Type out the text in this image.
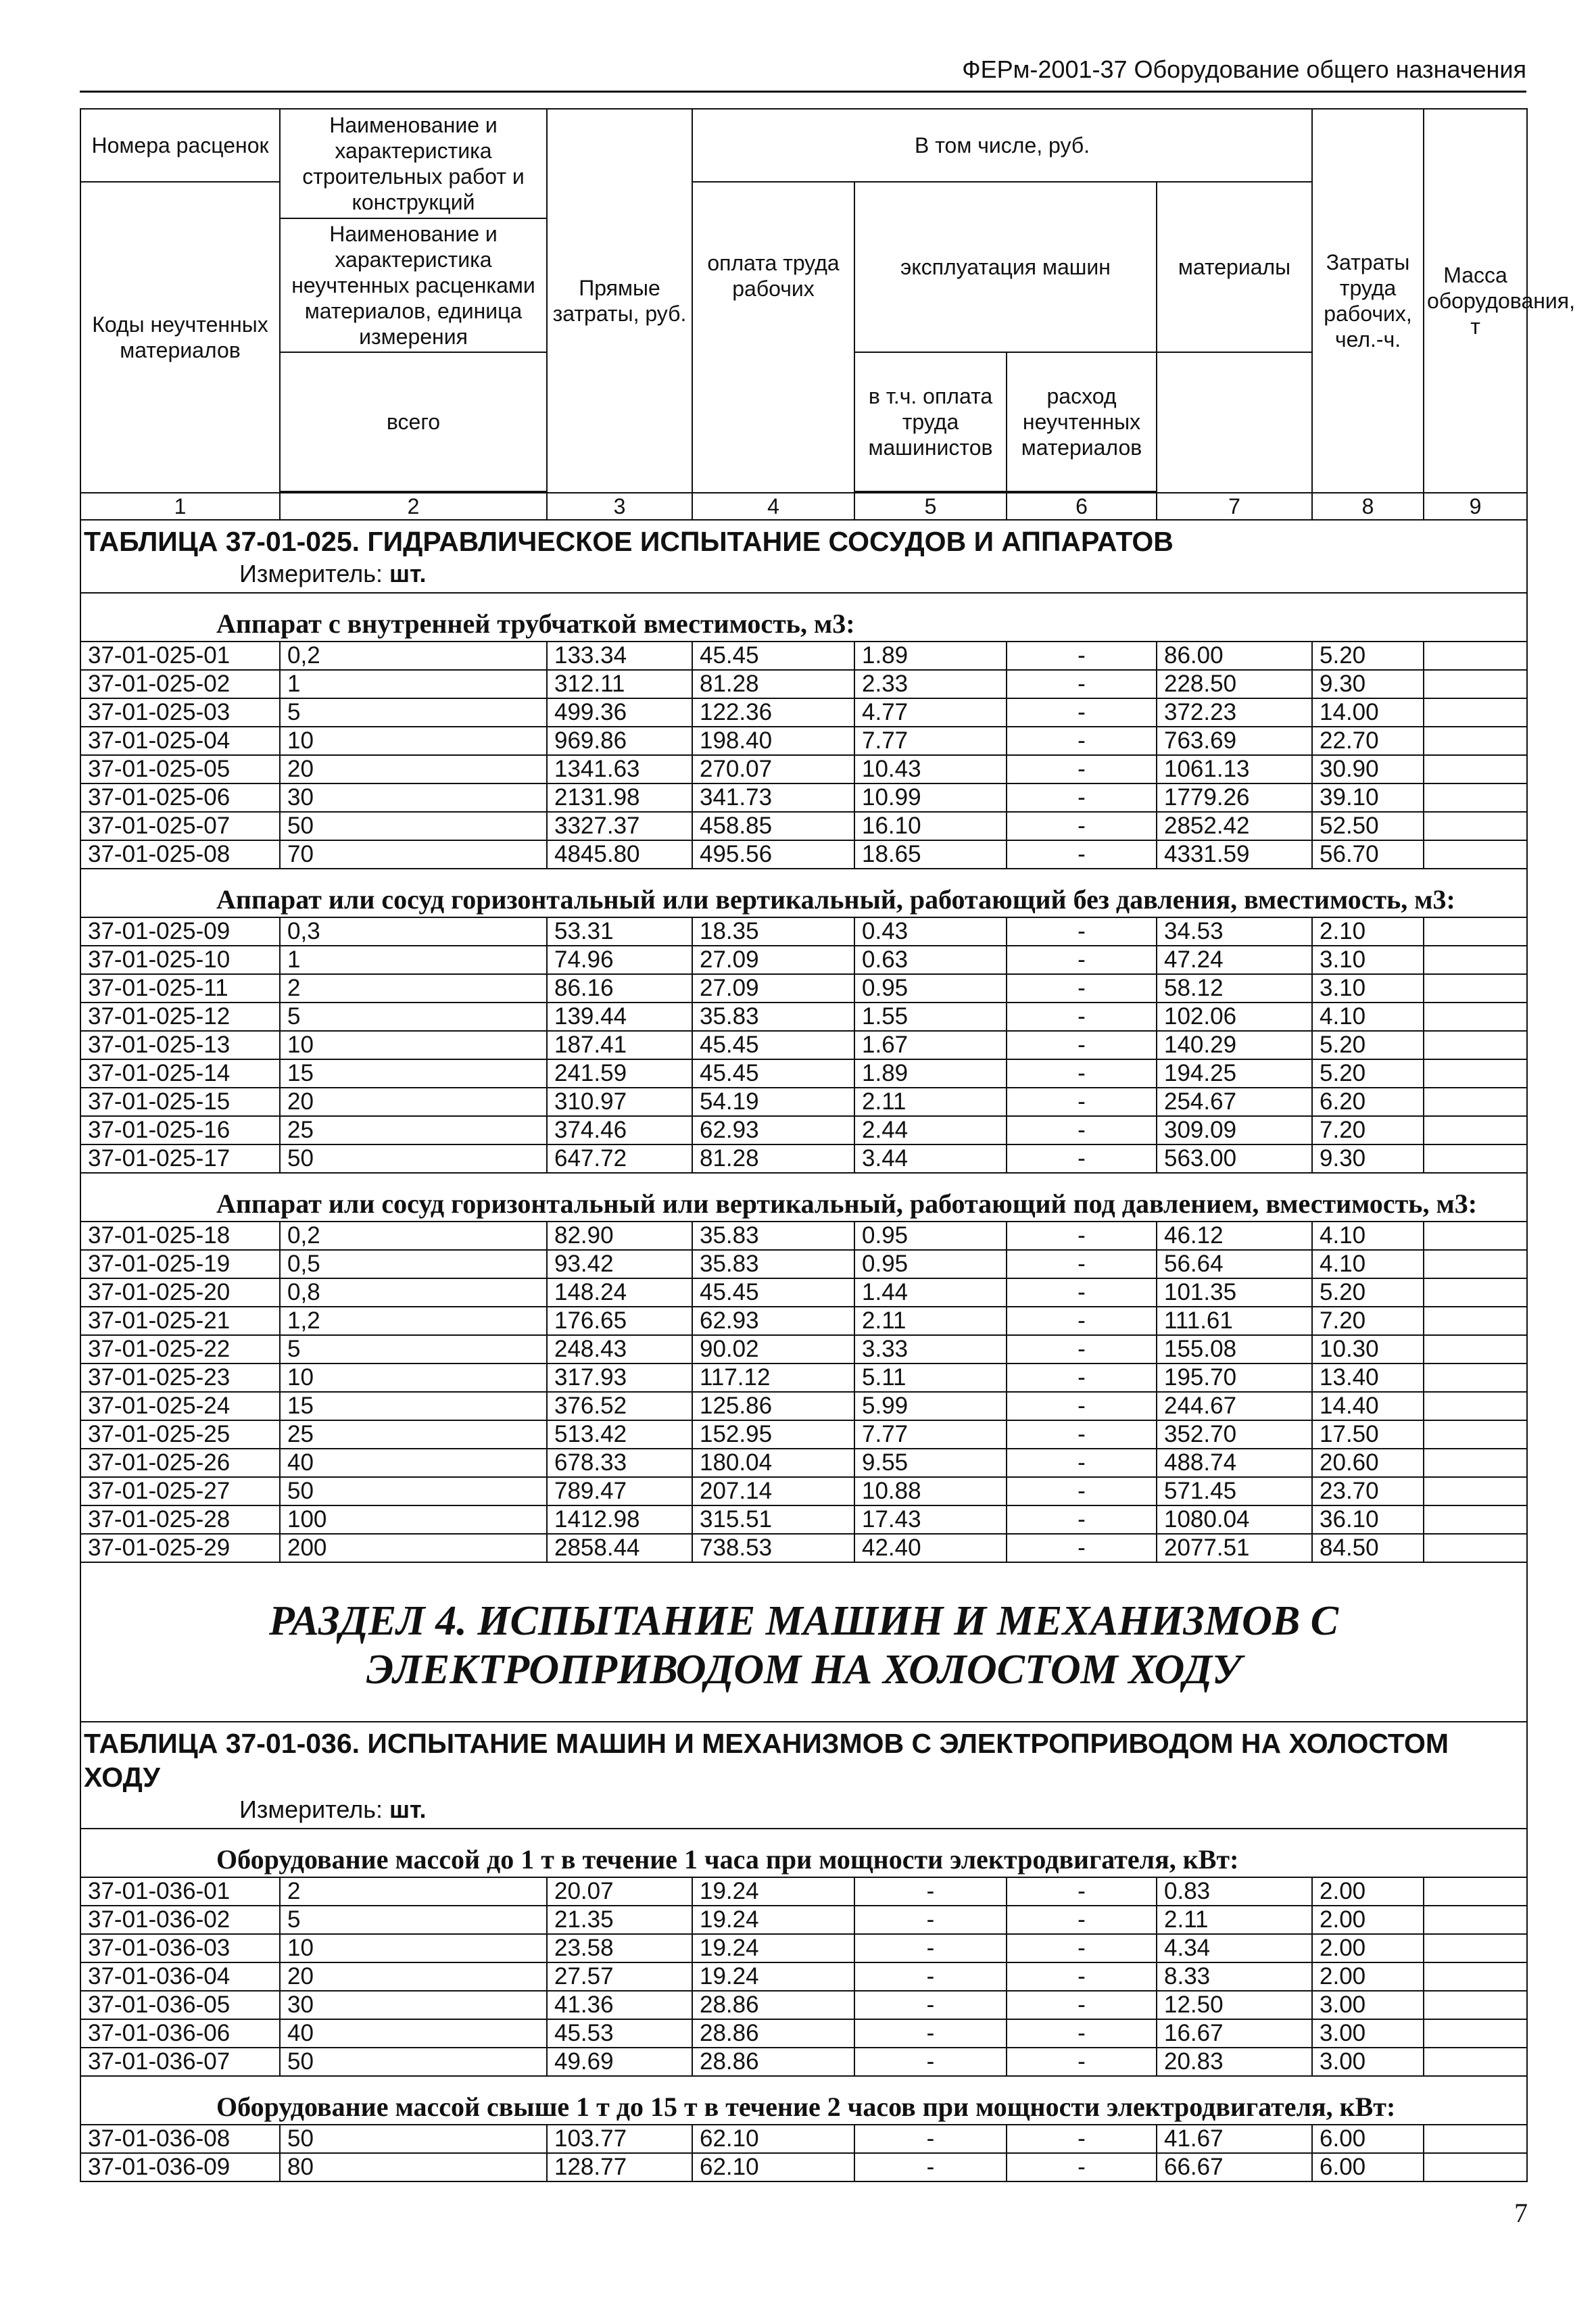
ФЕРм-2001-37 Оборудование общего назначения
Номера расценок	Наименование и характеристика строительных работ и конструкций
Наименование и характеристика неучтенных расценками материалов, единица измерения	Прямые затраты, руб.	В том числе, руб.				Затраты труда рабочих, чел.-ч.	Масса оборудования, т
Коды неучтенных материалов			оплата труда рабочих	эксплуатация машин		материалы		
	всего			в т.ч. оплата труда машинистов	расход неучтенных материалов			

1	2	3	4	5	6	7	8	9
ТАБЛИЦА 37-01-025. ГИДРАВЛИЧЕСКОЕ ИСПЫТАНИЕ СОСУДОВ И АППАРАТОВ
Измеритель: шт.								

Аппарат с внутренней трубчаткой вместимость, м3:								
37-01-025-01	0,2	133.34	45.45	1.89	-	86.00	5.20	
37-01-025-02	1	312.11	81.28	2.33	-	228.50	9.30	
37-01-025-03	5	499.36	122.36	4.77	-	372.23	14.00	
37-01-025-04	10	969.86	198.40	7.77	-	763.69	22.70	
37-01-025-05	20	1341.63	270.07	10.43	-	1061.13	30.90	
37-01-025-06	30	2131.98	341.73	10.99	-	1779.26	39.10	
37-01-025-07	50	3327.37	458.85	16.10	-	2852.42	52.50	
37-01-025-08	70	4845.80	495.56	18.65	-	4331.59	56.70	
Аппарат или сосуд горизонтальный или вертикальный, работающий без давления, вместимость, м3:								
37-01-025-09	0,3	53.31	18.35	0.43	-	34.53	2.10	
37-01-025-10	1	74.96	27.09	0.63	-	47.24	3.10	
37-01-025-11	2	86.16	27.09	0.95	-	58.12	3.10	
37-01-025-12	5	139.44	35.83	1.55	-	102.06	4.10	
37-01-025-13	10	187.41	45.45	1.67	-	140.29	5.20	
37-01-025-14	15	241.59	45.45	1.89	-	194.25	5.20	
37-01-025-15	20	310.97	54.19	2.11	-	254.67	6.20	
37-01-025-16	25	374.46	62.93	2.44	-	309.09	7.20	
37-01-025-17	50	647.72	81.28	3.44	-	563.00	9.30	
Аппарат или сосуд горизонтальный или вертикальный, работающий под давлением, вместимость, м3:								
37-01-025-18	0,2	82.90	35.83	0.95	-	46.12	4.10	
37-01-025-19	0,5	93.42	35.83	0.95	-	56.64	4.10	
37-01-025-20	0,8	148.24	45.45	1.44	-	101.35	5.20	
37-01-025-21	1,2	176.65	62.93	2.11	-	111.61	7.20	
37-01-025-22	5	248.43	90.02	3.33	-	155.08	10.30	
37-01-025-23	10	317.93	117.12	5.11	-	195.70	13.40	
37-01-025-24	15	376.52	125.86	5.99	-	244.67	14.40	
37-01-025-25	25	513.42	152.95	7.77	-	352.70	17.50	
37-01-025-26	40	678.33	180.04	9.55	-	488.74	20.60	
37-01-025-27	50	789.47	207.14	10.88	-	571.45	23.70	
37-01-025-28	100	1412.98	315.51	17.43	-	1080.04	36.10	
37-01-025-29	200	2858.44	738.53	42.40	-	2077.51	84.50	
РАЗДЕЛ 4. ИСПЫТАНИЕ МАШИН И МЕХАНИЗМОВ С ЭЛЕКТРОПРИВОДОМ НА ХОЛОСТОМ ХОДУ								
ТАБЛИЦА 37-01-036. ИСПЫТАНИЕ МАШИН И МЕХАНИЗМОВ С ЭЛЕКТРОПРИВОДОМ НА ХОЛОСТОМ ХОДУ
Измеритель: шт.								

Оборудование массой до 1 т в течение 1 часа при мощности электродвигателя, кВт:								
37-01-036-01	2	20.07	19.24	-	-	0.83	2.00	
37-01-036-02	5	21.35	19.24	-	-	2.11	2.00	
37-01-036-03	10	23.58	19.24	-	-	4.34	2.00	
37-01-036-04	20	27.57	19.24	-	-	8.33	2.00	
37-01-036-05	30	41.36	28.86	-	-	12.50	3.00	
37-01-036-06	40	45.53	28.86	-	-	16.67	3.00	
37-01-036-07	50	49.69	28.86	-	-	20.83	3.00	
Оборудование массой свыше 1 т до 15 т в течение 2 часов при мощности электродвигателя, кВт:								
37-01-036-08	50	103.77	62.10	-	-	41.67	6.00	
37-01-036-09	80	128.77	62.10	-	-	66.67	6.00	
7
